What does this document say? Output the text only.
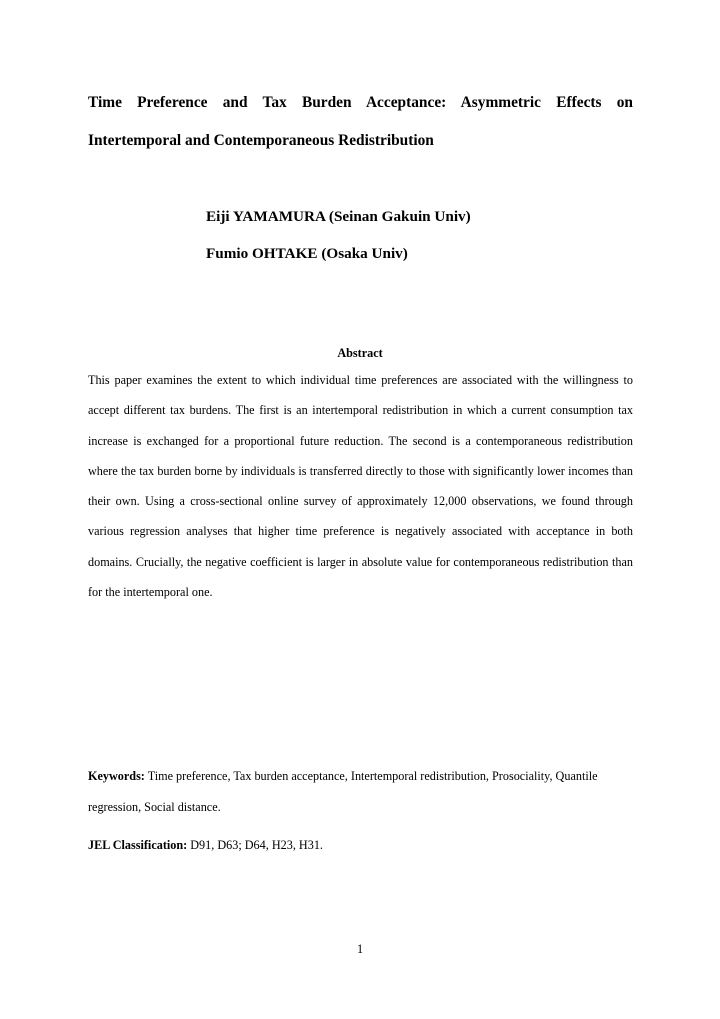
Time Preference and Tax Burden Acceptance: Asymmetric Effects on
Intertemporal and Contemporaneous Redistribution
Eiji YAMAMURA (Seinan Gakuin Univ)
Fumio OHTAKE (Osaka Univ)
Abstract

This paper examines the extent to which individual time preferences are associated with the willingness to accept different tax burdens. The first is an intertemporal redistribution in which a current consumption tax increase is exchanged for a proportional future reduction. The second is a contemporaneous redistribution where the tax burden borne by individuals is transferred directly to those with significantly lower incomes than their own. Using a cross-sectional online survey of approximately 12,000 observations, we found through various regression analyses that higher time preference is negatively associated with acceptance in both domains. Crucially, the negative coefficient is larger in absolute value for contemporaneous redistribution than for the intertemporal one.

Keywords: Time preference, Tax burden acceptance, Intertemporal redistribution, Prosociality, Quantile regression, Social distance.

JEL Classification: D91, D63; D64, H23, H31.

1
